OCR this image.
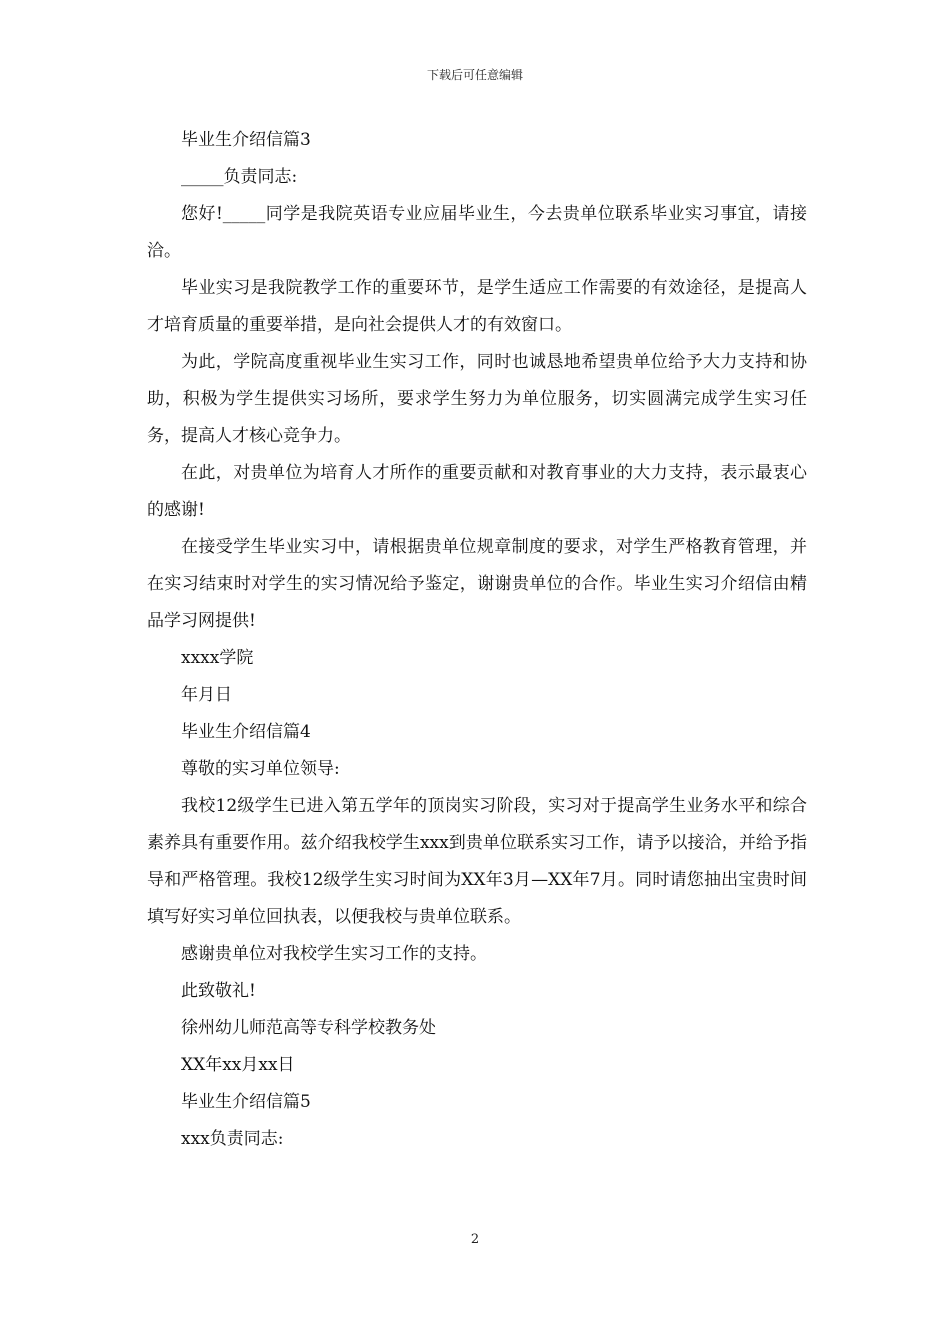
下载后可任意编辑

毕业生介绍信篇3

_____负责同志:

您好!_____同学是我院英语专业应届毕业生，今去贵单位联系毕业实习事宜，请接洽。

毕业实习是我院教学工作的重要环节，是学生适应工作需要的有效途径，是提高人才培育质量的重要举措，是向社会提供人才的有效窗口。

为此，学院高度重视毕业生实习工作，同时也诚恳地希望贵单位给予大力支持和协助，积极为学生提供实习场所，要求学生努力为单位服务，切实圆满完成学生实习任务，提高人才核心竞争力。

在此，对贵单位为培育人才所作的重要贡献和对教育事业的大力支持，表示最衷心的感谢!

在接受学生毕业实习中，请根据贵单位规章制度的要求，对学生严格教育管理，并在实习结束时对学生的实习情况给予鉴定，谢谢贵单位的合作。毕业生实习介绍信由精品学习网提供!

xxxx学院

年月日

毕业生介绍信篇4

尊敬的实习单位领导:

我校12级学生已进入第五学年的顶岗实习阶段，实习对于提高学生业务水平和综合素养具有重要作用。兹介绍我校学生xxx到贵单位联系实习工作，请予以接洽，并给予指导和严格管理。我校12级学生实习时间为XX年3月—XX年7月。同时请您抽出宝贵时间填写好实习单位回执表，以便我校与贵单位联系。

感谢贵单位对我校学生实习工作的支持。

此致敬礼!

徐州幼儿师范高等专科学校教务处

XX年xx月xx日

毕业生介绍信篇5

xxx负责同志:

2
